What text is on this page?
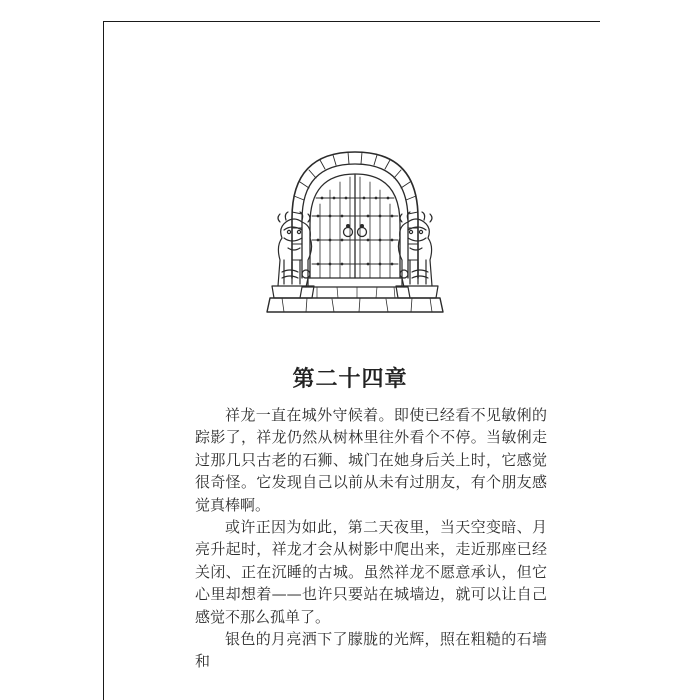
第二十四章

祥龙一直在城外守候着。即使已经看不见敏俐的踪影了，祥龙仍然从树林里往外看个不停。当敏俐走过那几只古老的石狮、城门在她身后关上时，它感觉很奇怪。它发现自己以前从未有过朋友，有个朋友感觉真棒啊。

或许正因为如此，第二天夜里，当天空变暗、月亮升起时，祥龙才会从树影中爬出来，走近那座已经关闭、正在沉睡的古城。虽然祥龙不愿意承认，但它心里却想着——也许只要站在城墙边，就可以让自己感觉不那么孤单了。

银色的月亮洒下了朦胧的光辉，照在粗糙的石墙和
